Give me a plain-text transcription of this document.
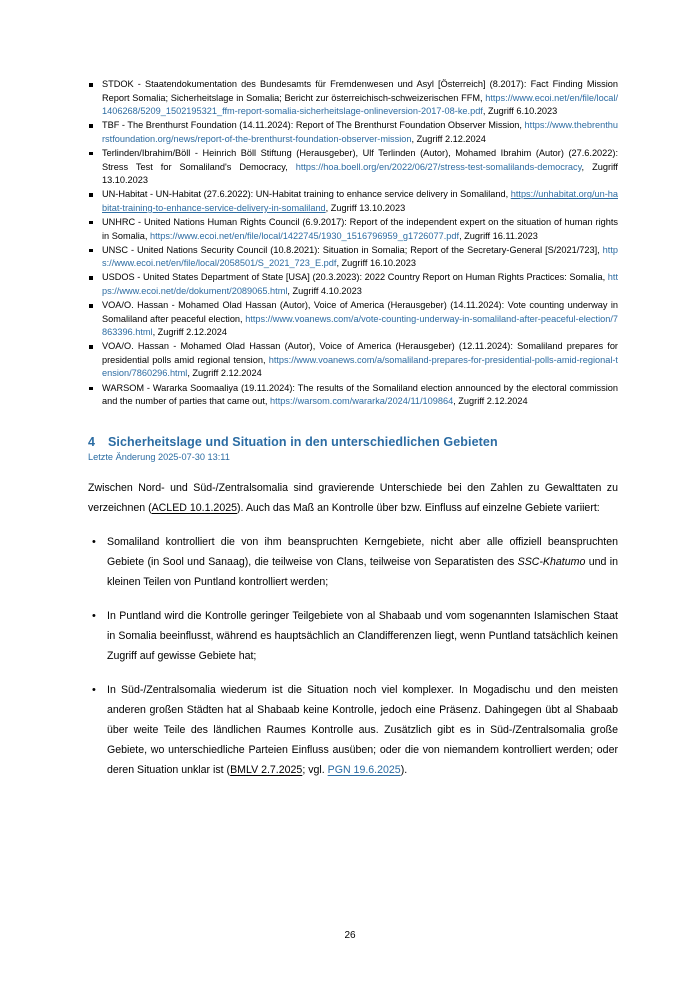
STDOK - Staatendokumentation des Bundesamts für Fremdenwesen und Asyl [Österreich] (8.2017): Fact Finding Mission Report Somalia; Sicherheitslage in Somalia; Bericht zur österreichisch-schweizerischen FFM, https://www.ecoi.net/en/file/local/1406268/5209_1502195321_ffm-report-somalia-sicherheitslage-onlineversion-2017-08-ke.pdf, Zugriff 6.10.2023
TBF - The Brenthurst Foundation (14.11.2024): Report of The Brenthurst Foundation Observer Mission, https://www.thebrenthurstfoundation.org/news/report-of-the-brenthurst-foundation-observer-mission, Zugriff 2.12.2024
Terlinden/Ibrahim/Böll - Heinrich Böll Stiftung (Herausgeber), Ulf Terlinden (Autor), Mohamed Ibrahim (Autor) (27.6.2022): Stress Test for Somaliland's Democracy, https://hoa.boell.org/en/2022/06/27/stress-test-somalilands-democracy, Zugriff 13.10.2023
UN-Habitat - UN-Habitat (27.6.2022): UN-Habitat training to enhance service delivery in Somaliland, https://unhabitat.org/un-habitat-training-to-enhance-service-delivery-in-somaliland, Zugriff 13.10.2023
UNHRC - United Nations Human Rights Council (6.9.2017): Report of the independent expert on the situation of human rights in Somalia, https://www.ecoi.net/en/file/local/1422745/1930_1516796959_g1726077.pdf, Zugriff 16.11.2023
UNSC - United Nations Security Council (10.8.2021): Situation in Somalia; Report of the Secretary-General [S/2021/723], https://www.ecoi.net/en/file/local/2058501/S_2021_723_E.pdf, Zugriff 16.10.2023
USDOS - United States Department of State [USA] (20.3.2023): 2022 Country Report on Human Rights Practices: Somalia, https://www.ecoi.net/de/dokument/2089065.html, Zugriff 4.10.2023
VOA/O. Hassan - Mohamed Olad Hassan (Autor), Voice of America (Herausgeber) (14.11.2024): Vote counting underway in Somaliland after peaceful election, https://www.voanews.com/a/vote-counting-underway-in-somaliland-after-peaceful-election/7863396.html, Zugriff 2.12.2024
VOA/O. Hassan - Mohamed Olad Hassan (Autor), Voice of America (Herausgeber) (12.11.2024): Somaliland prepares for presidential polls amid regional tension, https://www.voanews.com/a/somaliland-prepares-for-presidential-polls-amid-regional-tension/7860296.html, Zugriff 2.12.2024
WARSOM - Wararka Soomaaliya (19.11.2024): The results of the Somaliland election announced by the electoral commission and the number of parties that came out, https://warsom.com/wararka/2024/11/109864, Zugriff 2.12.2024
4 Sicherheitslage und Situation in den unterschiedlichen Gebieten
Letzte Änderung 2025-07-30 13:11

Zwischen Nord- und Süd-/Zentralsomalia sind gravierende Unterschiede bei den Zahlen zu Gewalttaten zu verzeichnen (ACLED 10.1.2025). Auch das Maß an Kontrolle über bzw. Einfluss auf einzelne Gebiete variiert:

• Somaliland kontrolliert die von ihm beanspruchten Kerngebiete, nicht aber alle offiziell beanspruchten Gebiete (in Sool und Sanaag), die teilweise von Clans, teilweise von Separatisten des SSC-Khatumo und in kleinen Teilen von Puntland kontrolliert werden;
• In Puntland wird die Kontrolle geringer Teilgebiete von al Shabaab und vom sogenannten Islamischen Staat in Somalia beeinflusst, während es hauptsächlich an Clandifferenzen liegt, wenn Puntland tatsächlich keinen Zugriff auf gewisse Gebiete hat;
• In Süd-/Zentralsomalia wiederum ist die Situation noch viel komplexer. In Mogadischu und den meisten anderen großen Städten hat al Shabaab keine Kontrolle, jedoch eine Präsenz. Dahingegen übt al Shabaab über weite Teile des ländlichen Raumes Kontrolle aus. Zusätzlich gibt es in Süd-/Zentralsomalia große Gebiete, wo unterschiedliche Parteien Einfluss ausüben; oder die von niemandem kontrolliert werden; oder deren Situation unklar ist (BMLV 2.7.2025; vgl. PGN 19.6.2025).
26
